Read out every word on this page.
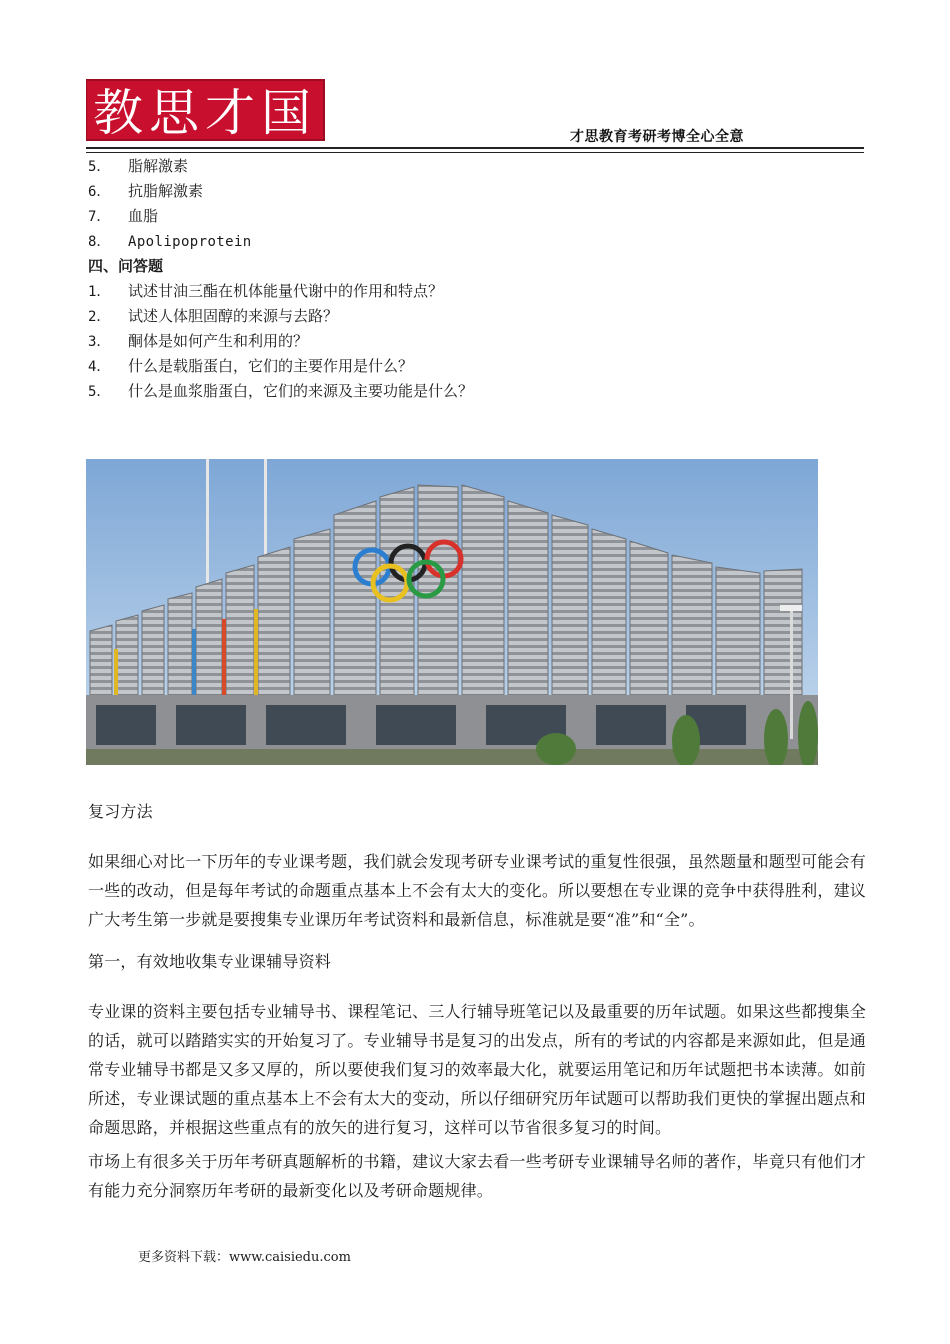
教思才国	才思教育考研考博全心全意
5． 脂解激素
6． 抗脂解激素
7． 血脂
8． Apolipoprotein
四、问答题
1． 试述甘油三酯在机体能量代谢中的作用和特点？
2． 试述人体胆固醇的来源与去路？
3． 酮体是如何产生和利用的？
4． 什么是载脂蛋白，它们的主要作用是什么？
5． 什么是血浆脂蛋白，它们的来源及主要功能是什么？
复习方法
如果细心对比一下历年的专业课考题，我们就会发现考研专业课考试的重复性很强，虽然题量和题型可能会有一些的改动，但是每年考试的命题重点基本上不会有太大的变化。所以要想在专业课的竞争中获得胜利，建议广大考生第一步就是要搜集专业课历年考试资料和最新信息，标准就是要“准”和“全”。
第一，有效地收集专业课辅导资料
专业课的资料主要包括专业辅导书、课程笔记、三人行辅导班笔记以及最重要的历年试题。如果这些都搜集全的话，就可以踏踏实实的开始复习了。专业辅导书是复习的出发点，所有的考试的内容都是来源如此，但是通常专业辅导书都是又多又厚的，所以要使我们复习的效率最大化，就要运用笔记和历年试题把书本读薄。如前所述，专业课试题的重点基本上不会有太大的变动，所以仔细研究历年试题可以帮助我们更快的掌握出题点和命题思路，并根据这些重点有的放矢的进行复习，这样可以节省很多复习的时间。
市场上有很多关于历年考研真题解析的书籍，建议大家去看一些考研专业课辅导名师的著作，毕竟只有他们才有能力充分洞察历年考研的最新变化以及考研命题规律。
更多资料下载：www.caisiedu.com
